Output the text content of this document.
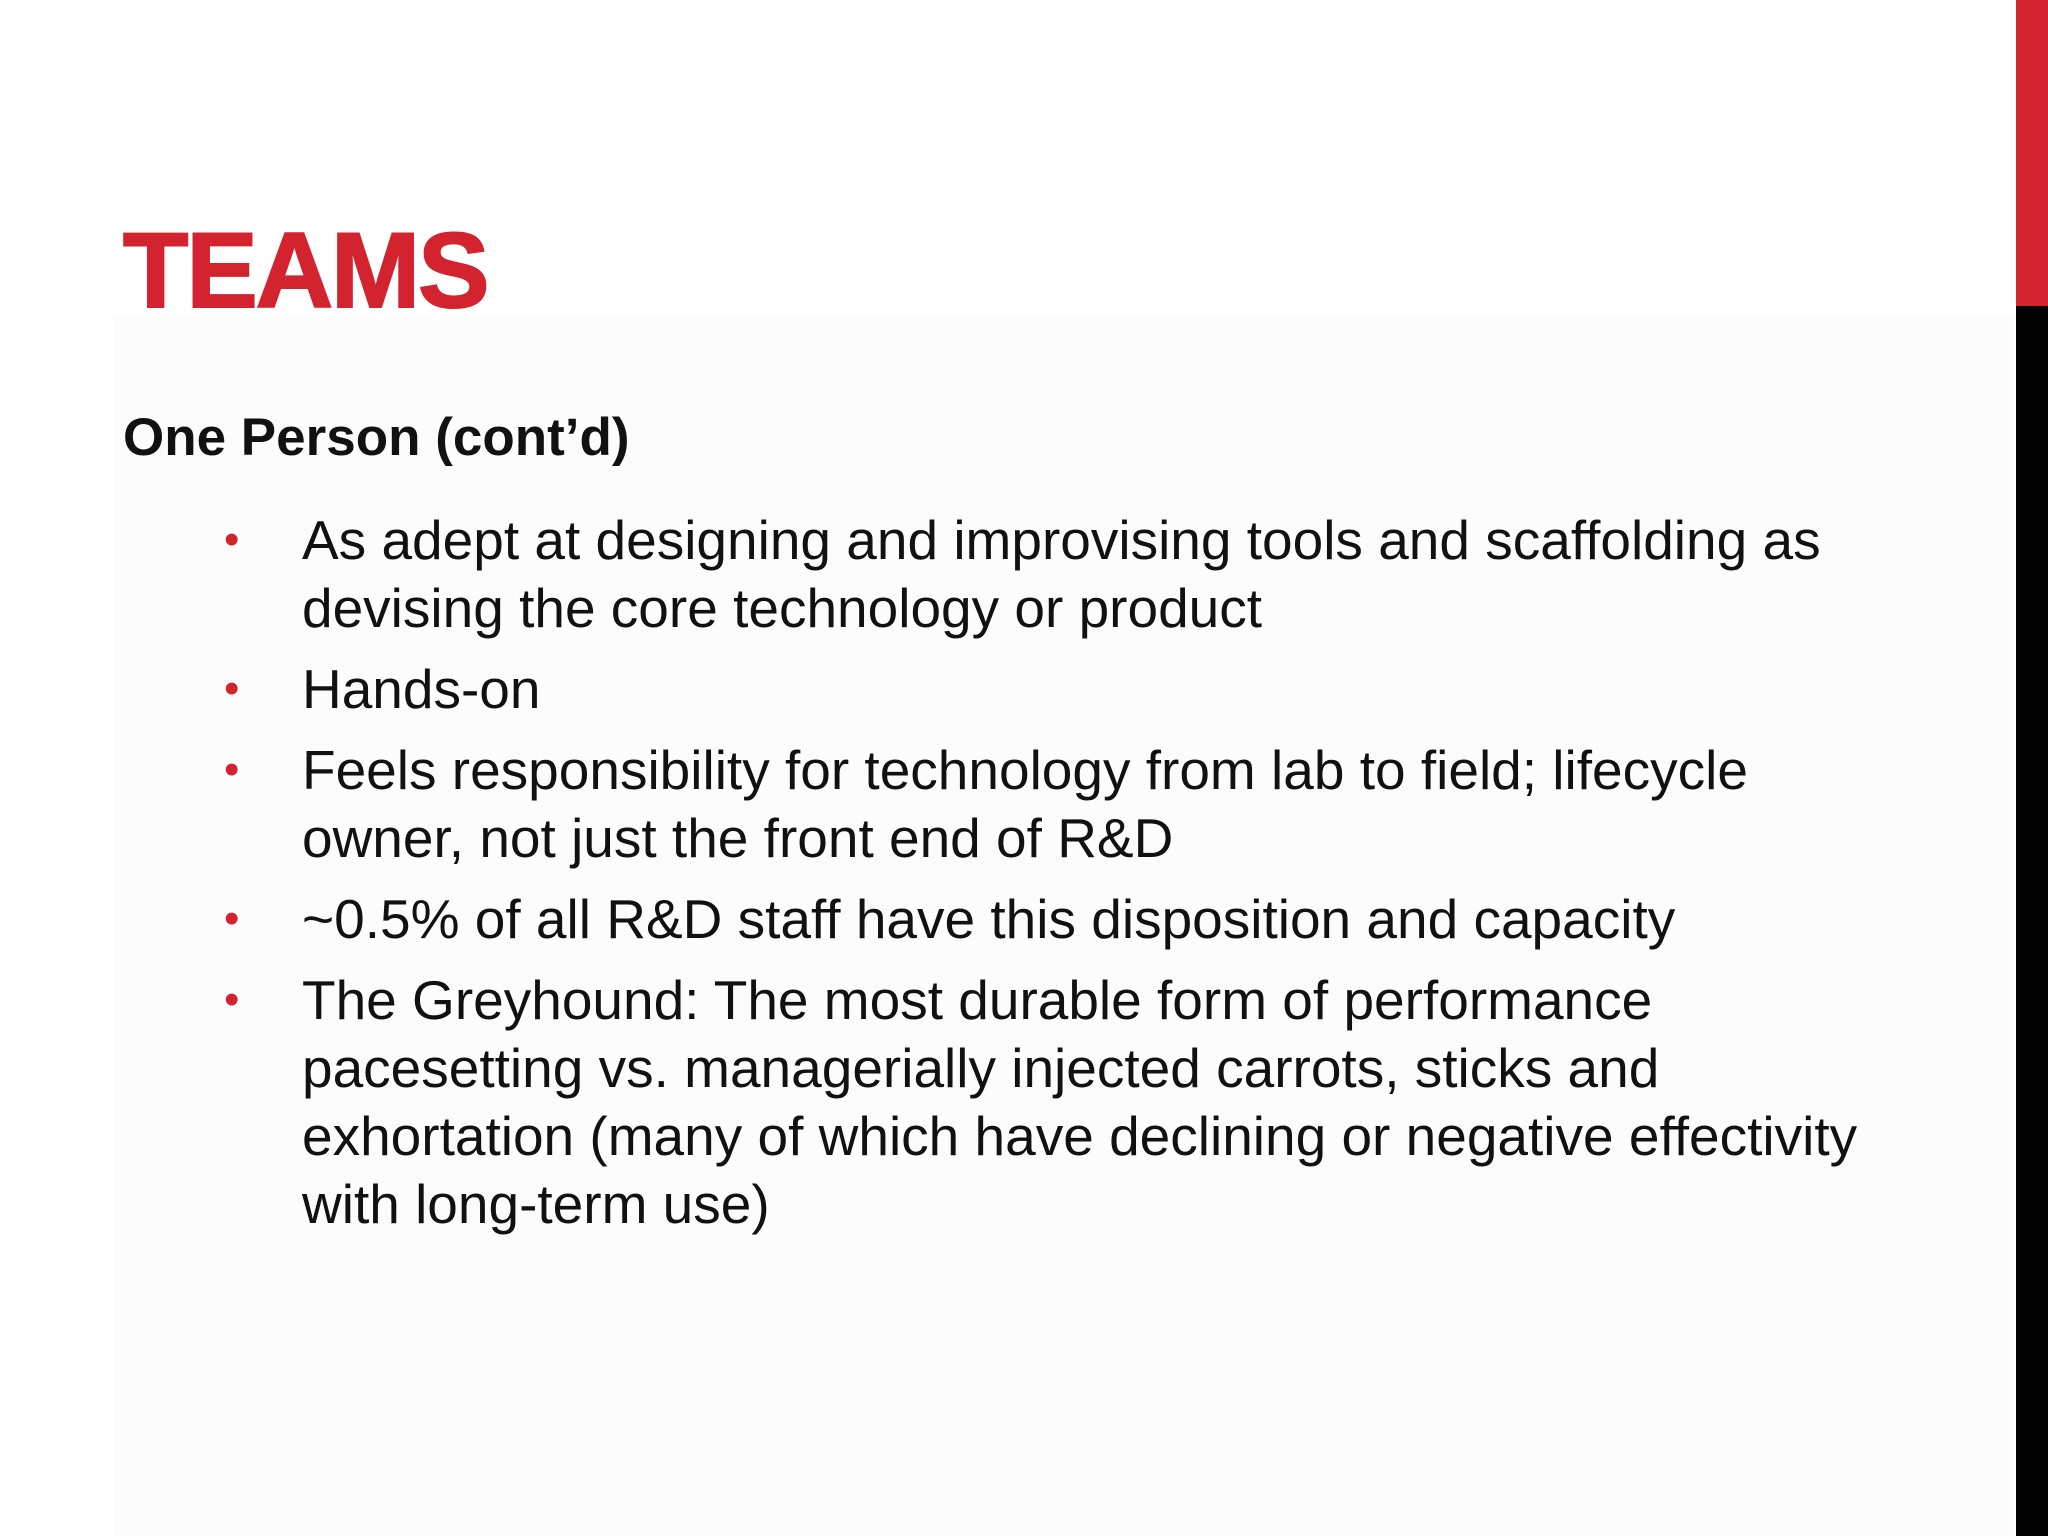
TEAMS
One Person (cont’d)
• As adept at designing and improvising tools and scaffolding as devising the core technology or product
• Hands-on
• Feels responsibility for technology from lab to field; lifecycle owner, not just the front end of R&D
• ~0.5% of all R&D staff have this disposition and capacity
• The Greyhound: The most durable form of performance pacesetting vs. managerially injected carrots, sticks and exhortation (many of which have declining or negative effectivity with long-term use)
